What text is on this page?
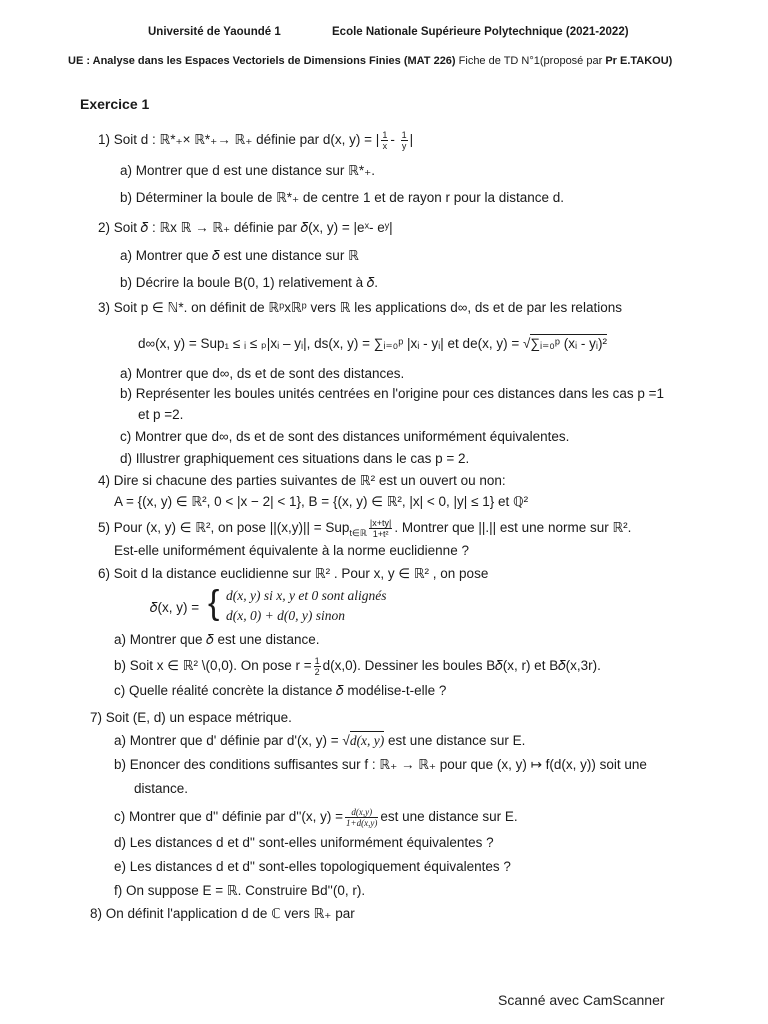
Université de Yaoundé 1	Ecole Nationale Supérieure Polytechnique (2021-2022)
UE : Analyse dans les Espaces Vectoriels de Dimensions Finies (MAT 226) Fiche de TD N°1(proposé par Pr E.TAKOU)
Exercice 1
1) Soit d : ℝ*₊× ℝ*₊→ ℝ₊ définie par d(x, y) = | $\frac{1}{x} - \frac{1}{y}$ |
a) Montrer que d est une distance sur ℝ*₊.
b) Déterminer la boule de ℝ*₊ de centre 1 et de rayon r pour la distance d.
2) Soit 𝛿 : ℝx ℝ → ℝ₊ définie par 𝛿(x, y) = |eˣ- eʸ|
a) Montrer que 𝛿 est une distance sur ℝ
b) Décrire la boule B(0, 1) relativement à 𝛿.
3) Soit p ∈ ℕ*. on définit de ℝᵖxℝᵖ vers ℝ les applications d∞, ds et de par les relations
d∞(x, y) = Sup₁ ≤ ᵢ ≤ ₚ|xᵢ – yᵢ|, ds(x, y) = ∑ᵢ₌₀ᵖ |xᵢ - yᵢ| et de(x, y) = √∑ᵢ₌₀ᵖ (xᵢ - yᵢ)²
a) Montrer que d∞, ds et de sont des distances.
b) Représenter les boules unités centrées en l'origine pour ces distances dans les cas p =1
et p =2.
c) Montrer que d∞, ds et de sont des distances uniformément équivalentes.
d) Illustrer graphiquement ces situations dans le cas p = 2.
4) Dire si chacune des parties suivantes de ℝ² est un ouvert ou non:
A = {(x, y) ∈ ℝ², 0 < |x − 2| < 1}, B = {(x, y) ∈ ℝ², |x| < 0, |y| ≤ 1} et ℚ²
5) Pour (x, y) ∈ ℝ², on pose $||(x,y)|| = Sup_{t\in ℝ} \frac{|x+ty|}{\text{1+t²}}$ . Montrer que ||.|| est une norme sur ℝ².
Est-elle uniformément équivalente à la norme euclidienne ?
6) Soit d la distance euclidienne sur ℝ² . Pour x, y ∈ ℝ² , on pose
𝛿(x, y) = { d(x, y) si x, y et 0 sont alignés
d(x, 0) + d(0, y) sinon
a) Montrer que 𝛿 est une distance.
b) Soit x ∈ ℝ² \(0,0). On pose $r = \frac{1}{2} d(x,0)$. Dessiner les boules B𝛿(x, r) et B𝛿(x,3r).
c) Quelle réalité concrète la distance 𝛿 modélise-t-elle ?
7) Soit (E, d) un espace métrique.
a) Montrer que d' définie par d'(x, y) = √d(x, y) est une distance sur E.
b) Enoncer des conditions suffisantes sur f : ℝ₊ → ℝ₊ pour que (x, y) ↦ f(d(x, y)) soit une
distance.
c) Montrer que d'' définie par d''(x, $y) = \frac{d(x,y)}{1+d(x,y)}$ est une distance sur E.
d) Les distances d et d'' sont-elles uniformément équivalentes ?
e) Les distances d et d'' sont-elles topologiquement équivalentes ?
f) On suppose E = ℝ. Construire Bd''(0, r).
8) On définit l'application d de ℂ vers ℝ₊ par
Scanné avec CamScanner
